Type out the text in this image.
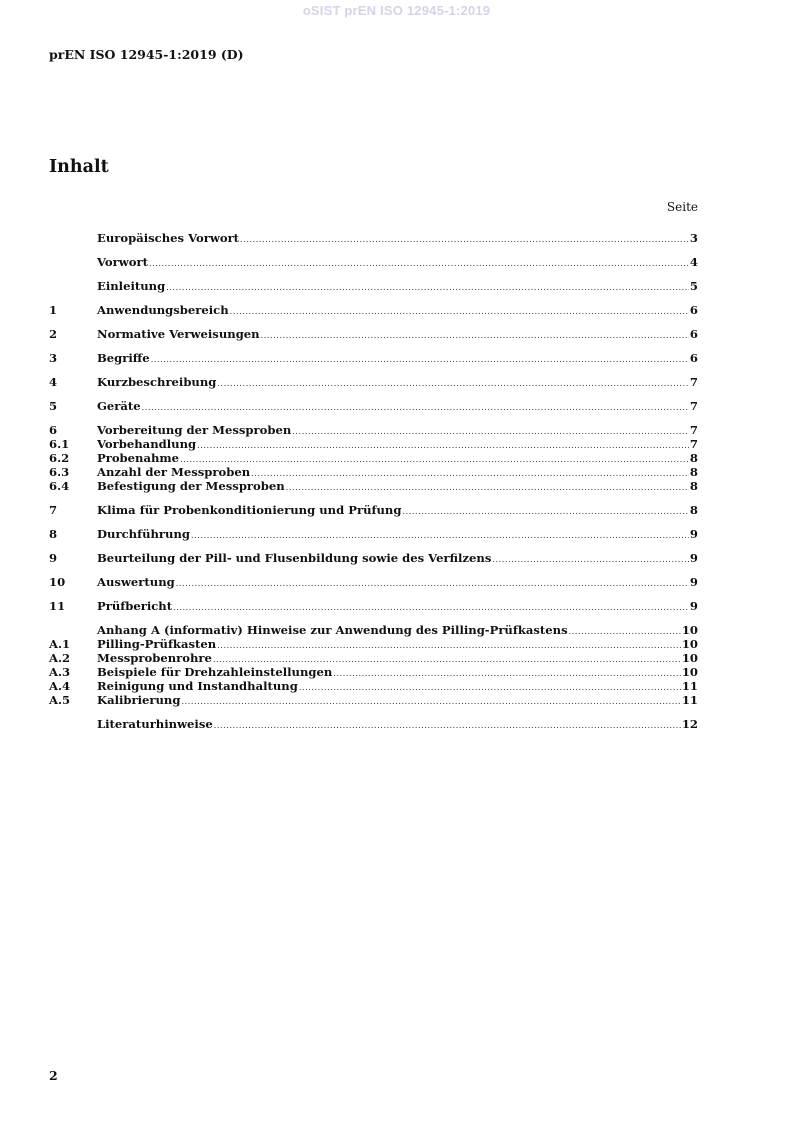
oSIST prEN ISO 12945-1:2019
prEN ISO 12945-1:2019 (D)
Inhalt
Seite
Europäisches Vorwort .....	3
Vorwort .....	4
Einleitung .....	5
1	Anwendungsbereich .....	6
2	Normative Verweisungen .....	6
3	Begriffe .....	6
4	Kurzbeschreibung .....	7
5	Geräte .....	7
6	Vorbereitung der Messproben .....	7
6.1	Vorbehandlung .....	7
6.2	Probenahme .....	8
6.3	Anzahl der Messproben .....	8
6.4	Befestigung der Messproben .....	8
7	Klima für Probenkonditionierung und Prüfung .....	8
8	Durchführung .....	9
9	Beurteilung der Pill- und Flusenbildung sowie des Verfilzens .....	9
10	Auswertung .....	9
11	Prüfbericht .....	9
Anhang A (informativ) Hinweise zur Anwendung des Pilling-Prüfkastens .....	10
A.1	Pilling-Prüfkasten .....	10
A.2	Messprobenrohre .....	10
A.3	Beispiele für Drehzahleinstellungen .....	10
A.4	Reinigung und Instandhaltung .....	11
A.5	Kalibrierung .....	11
Literaturhinweise .....	12
2
